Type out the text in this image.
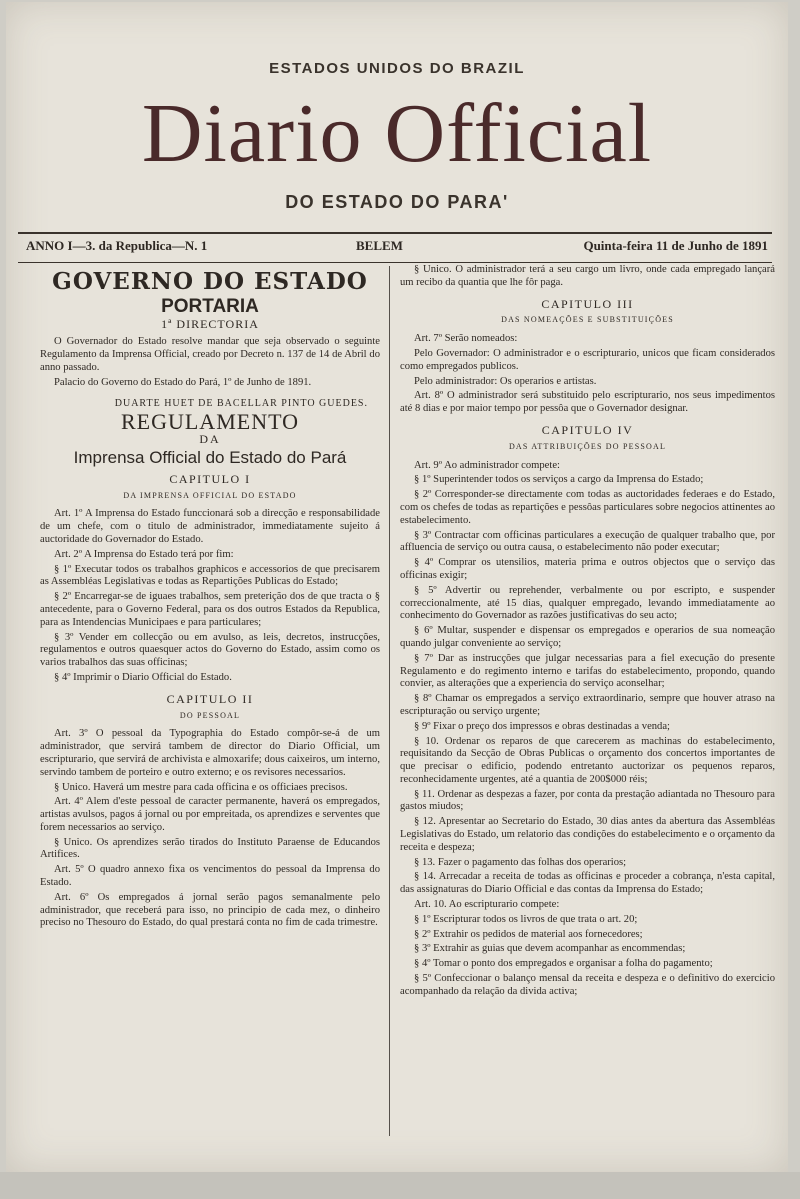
ESTADOS UNIDOS DO BRAZIL
Diario Official
DO ESTADO DO PARA'
ANNO I—3. da Republica—N. 1	BELEM	Quinta-feira 11 de Junho de 1891
GOVERNO DO ESTADO
PORTARIA
1ª DIRECTORIA

O Governador do Estado resolve mandar que seja observado o seguinte Regulamento da Imprensa Official, creado por Decreto n. 137 de 14 de Abril do anno passado.

Palacio do Governo do Estado do Pará, 1º de Junho de 1891.

DUARTE HUET DE BACELLAR PINTO GUEDES.
REGULAMENTO
DA
Imprensa Official do Estado do Pará
CAPITULO I
DA IMPRENSA OFFICIAL DO ESTADO

Art. 1º A Imprensa do Estado funccionará sob a direcção e responsabilidade de um chefe, com o titulo de administrador, immediatamente sujeito á auctoridade do Governador do Estado.

Art. 2º A Imprensa do Estado terá por fim:

§ 1º Executar todos os trabalhos graphicos e accessorios de que precisarem as Assembléas Legislativas e todas as Repartições Publicas do Estado;

§ 2º Encarregar-se de iguaes trabalhos, sem preterição dos de que tracta o § antecedente, para o Governo Federal, para os dos outros Estados da Republica, para as Intendencias Municipaes e para particulares;

§ 3º Vender em collecção ou em avulso, as leis, decretos, instrucções, regulamentos e outros quaesquer actos do Governo do Estado, assim como os varios trabalhos das suas officinas;

§ 4º Imprimir o Diario Official do Estado.

CAPITULO II
DO PESSOAL

Art. 3º O pessoal da Typographia do Estado compôr-se-á de um administrador, que servirá tambem de director do Diario Official, um escripturario, que servirá de archivista e almoxarife; dous caixeiros, um interno, servindo tambem de porteiro e outro externo; e os revisores necessarios.

§ Unico. Haverá um mestre para cada officina e os officiaes precisos.

Art. 4º Alem d'este pessoal de caracter permanente, haverá os empregados, artistas avulsos, pagos á jornal ou por empreitada, os aprendizes e serventes que forem necessarios ao serviço.

§ Unico. Os aprendizes serão tirados do Instituto Paraense de Educandos Artifices.

Art. 5º O quadro annexo fixa os vencimentos do pessoal da Imprensa do Estado.

Art. 6º Os empregados á jornal serão pagos semanalmente pelo administrador, que receberá para isso, no principio de cada mez, o dinheiro preciso no Thesouro do Estado, do qual prestará conta no fim de cada trimestre.

§ Unico. O administrador terá a seu cargo um livro, onde cada empregado lançará um recibo da quantia que lhe fôr paga.

CAPITULO III
DAS NOMEAÇÕES E SUBSTITUIÇÕES

Art. 7º Serão nomeados:

Pelo Governador: O administrador e o escripturario, unicos que ficam considerados como empregados publicos.

Pelo administrador: Os operarios e artistas.

Art. 8º O administrador será substituido pelo escripturario, nos seus impedimentos até 8 dias e por maior tempo por pessôa que o Governador designar.

CAPITULO IV
DAS ATTRIBUIÇÕES DO PESSOAL

Art. 9º Ao administrador compete:

§ 1º Superintender todos os serviços a cargo da Imprensa do Estado;

§ 2º Corresponder-se directamente com todas as auctoridades federaes e do Estado, com os chefes de todas as repartições e pessôas particulares sobre negocios attinentes ao estabelecimento.

§ 3º Contractar com officinas particulares a execução de qualquer trabalho que, por affluencia de serviço ou outra causa, o estabelecimento não poder executar;

§ 4º Comprar os utensilios, materia prima e outros objectos que o serviço das officinas exigir;

§ 5º Advertir ou reprehender, verbalmente ou por escripto, e suspender correccionalmente, até 15 dias, qualquer empregado, levando immediatamente ao conhecimento do Governador as razões justificativas do seu acto;

§ 6º Multar, suspender e dispensar os empregados e operarios de sua nomeação quando julgar conveniente ao serviço;

§ 7º Dar as instrucções que julgar necessarias para a fiel execução do presente Regulamento e do regimento interno e tarifas do estabelecimento, propondo, quando convier, as alterações que a experiencia do serviço aconselhar;

§ 8º Chamar os empregados a serviço extraordinario, sempre que houver atraso na escripturação ou serviço urgente;

§ 9º Fixar o preço dos impressos e obras destinadas a venda;

§ 10. Ordenar os reparos de que carecerem as machinas do estabelecimento, requisitando da Secção de Obras Publicas o orçamento dos concertos importantes de que precisar o edificio, podendo entretanto auctorizar os pequenos reparos, reconhecidamente urgentes, até a quantia de 200$000 réis;

§ 11. Ordenar as despezas a fazer, por conta da prestação adiantada no Thesouro para gastos miudos;

§ 12. Apresentar ao Secretario do Estado, 30 dias antes da abertura das Assembléas Legislativas do Estado, um relatorio das condições do estabelecimento e o orçamento da receita e despeza;

§ 13. Fazer o pagamento das folhas dos operarios;

§ 14. Arrecadar a receita de todas as officinas e proceder a cobrança, n'esta capital, das assignaturas do Diario Official e das contas da Imprensa do Estado;

Art. 10. Ao escripturario compete:

§ 1º Escripturar todos os livros de que trata o art. 20;

§ 2º Extrahir os pedidos de material aos fornecedores;

§ 3º Extrahir as guias que devem acompanhar as encommendas;

§ 4º Tomar o ponto dos empregados e organisar a folha do pagamento;

§ 5º Confeccionar o balanço mensal da receita e despeza e o definitivo do exercicio acompanhado da relação da divida activa;
